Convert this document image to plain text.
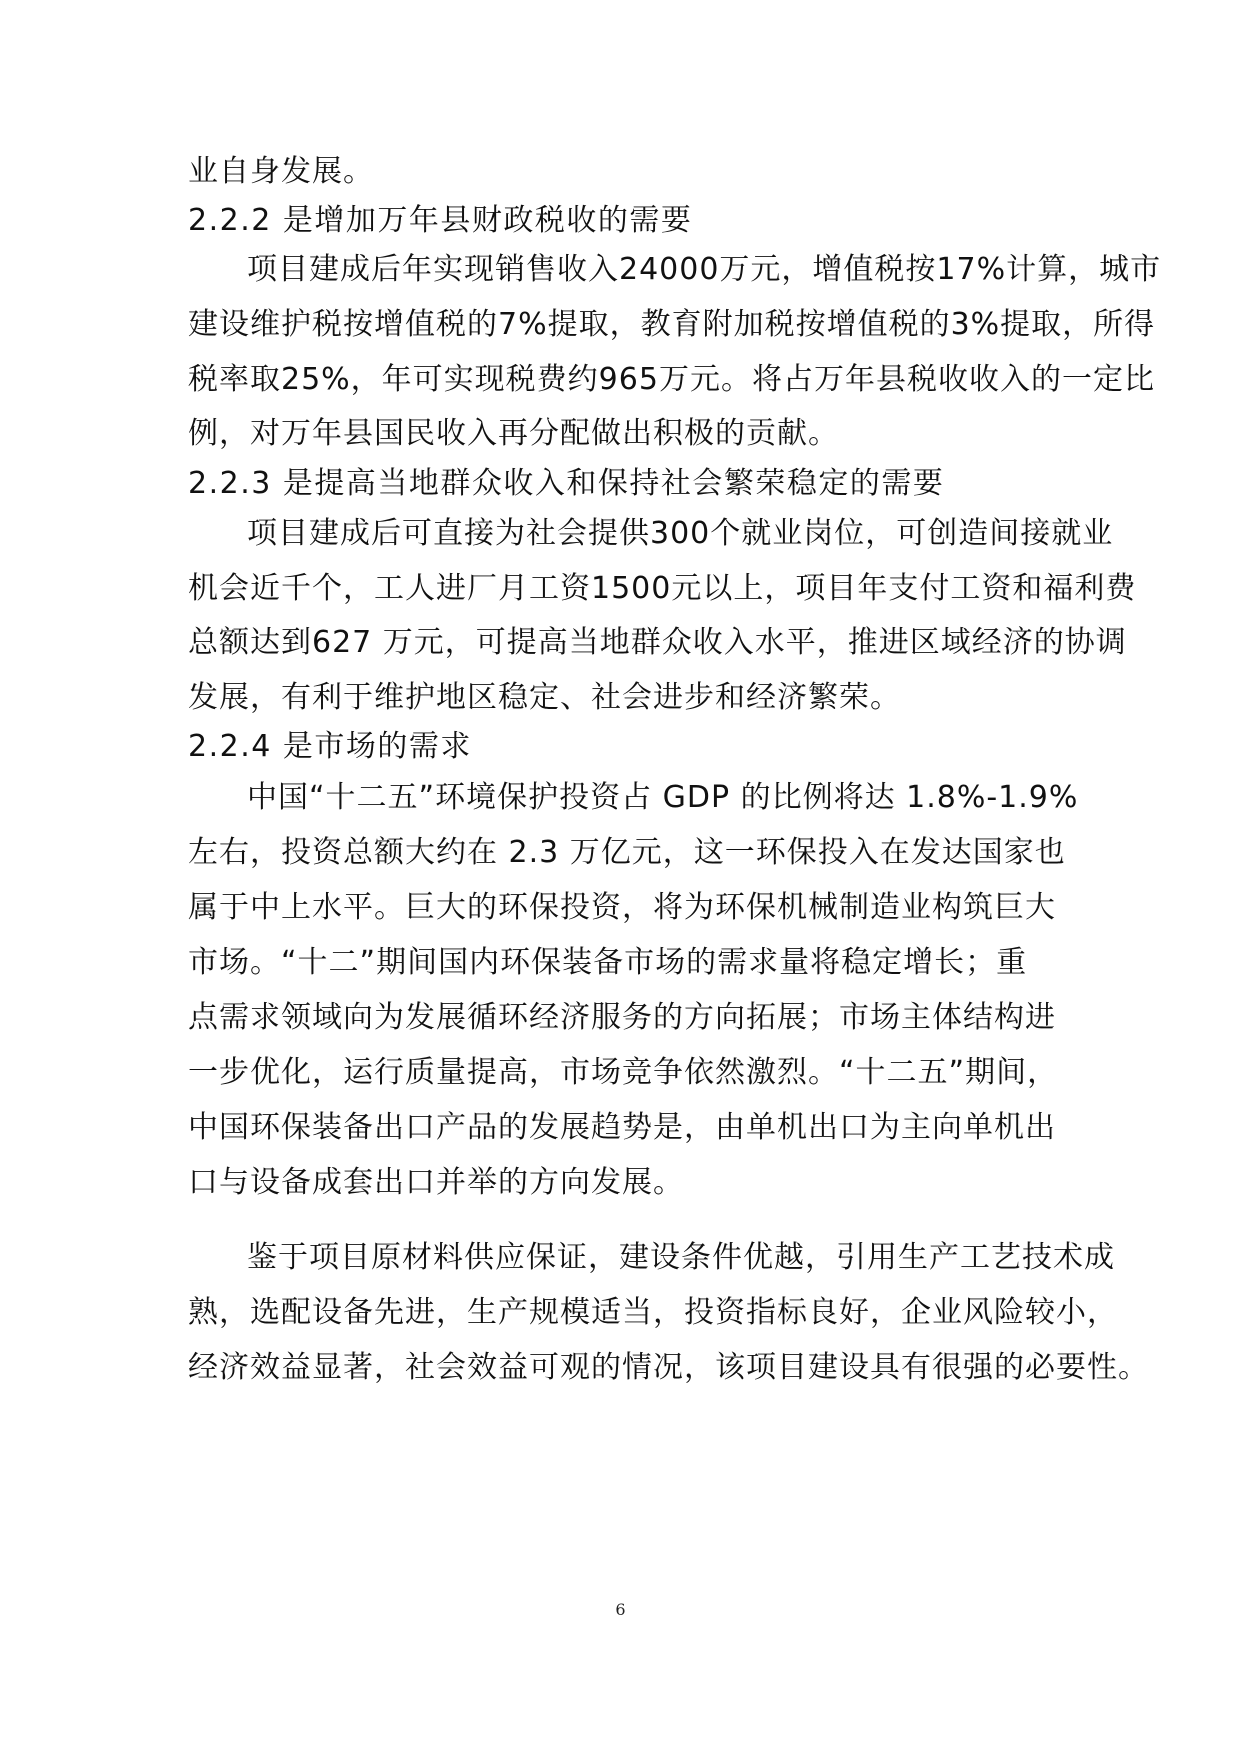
业自身发展。
2.2.2 是增加万年县财政税收的需要
项目建成后年实现销售收入24000万元，增值税按17%计算，城市
建设维护税按增值税的7%提取，教育附加税按增值税的3%提取，所得
税率取25%，年可实现税费约965万元。将占万年县税收收入的一定比
例，对万年县国民收入再分配做出积极的贡献。
2.2.3 是提高当地群众收入和保持社会繁荣稳定的需要
项目建成后可直接为社会提供300个就业岗位，可创造间接就业
机会近千个，工人进厂月工资1500元以上，项目年支付工资和福利费
总额达到627 万元，可提高当地群众收入水平，推进区域经济的协调
发展，有利于维护地区稳定、社会进步和经济繁荣。
2.2.4 是市场的需求
中国“十二五”环境保护投资占 GDP 的比例将达 1.8%-1.9%
左右，投资总额大约在 2.3 万亿元，这一环保投入在发达国家也
属于中上水平。巨大的环保投资，将为环保机械制造业构筑巨大
市场。“十二”期间国内环保装备市场的需求量将稳定增长；重
点需求领域向为发展循环经济服务的方向拓展；市场主体结构进
一步优化，运行质量提高，市场竞争依然激烈。“十二五”期间，
中国环保装备出口产品的发展趋势是，由单机出口为主向单机出
口与设备成套出口并举的方向发展。
鉴于项目原材料供应保证，建设条件优越，引用生产工艺技术成
熟，选配设备先进，生产规模适当，投资指标良好，企业风险较小，
经济效益显著，社会效益可观的情况，该项目建设具有很强的必要性。
6
